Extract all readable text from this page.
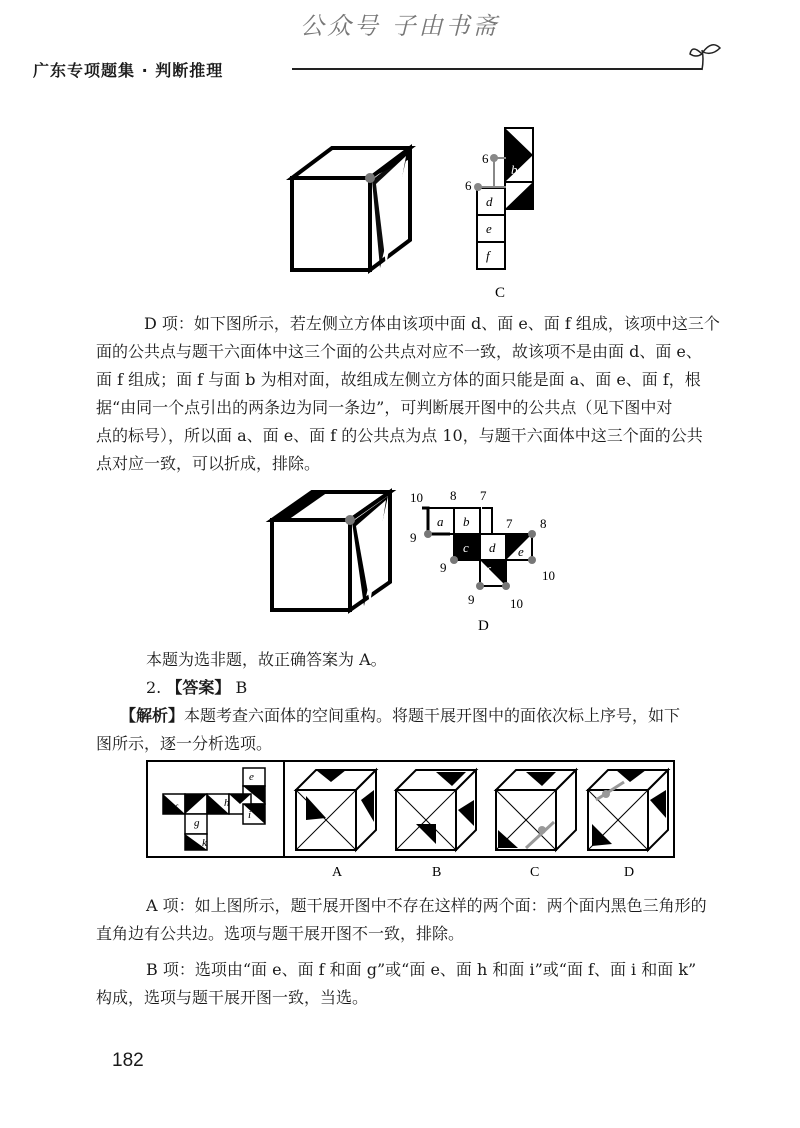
公众号 子由书斋
广东专项题集 · 判断推理
a
b
c
d
e
f
6
6
C
D 项：如下图所示，若左侧立方体由该项中面 d、面 e、面 f 组成，该项中这三个
面的公共点与题干六面体中这三个面的公共点对应不一致，故该项不是由面 d、面 e、
面 f 组成；面 f 与面 b 为相对面，故组成左侧立方体的面只能是面 a、面 e、面 f，根
据“由同一个点引出的两条边为同一条边”，可判断展开图中的公共点（见下图中对
点的标号），所以面 a、面 e、面 f 的公共点为点 10，与题干六面体中这三个面的公共
点对应一致，可以折成，排除。
a b
c d e
f
10 8 7
7 8
9
9
10
9	10
D
本题为选非题，故正确答案为 A。
2. 【答案】 B
【解析】本题考查六面体的空间重构。将题干展开图中的面依次标上序号，如下
图所示，逐一分析选项。
e
f
g
h
i
k
A	B	C	D
A 项：如上图所示，题干展开图中不存在这样的两个面：两个面内黑色三角形的
直角边有公共边。选项与题干展开图不一致，排除。
B 项：选项由“面 e、面 f 和面 g”或“面 e、面 h 和面 i”或“面 f、面 i 和面 k”
构成，选项与题干展开图一致，当选。
182
